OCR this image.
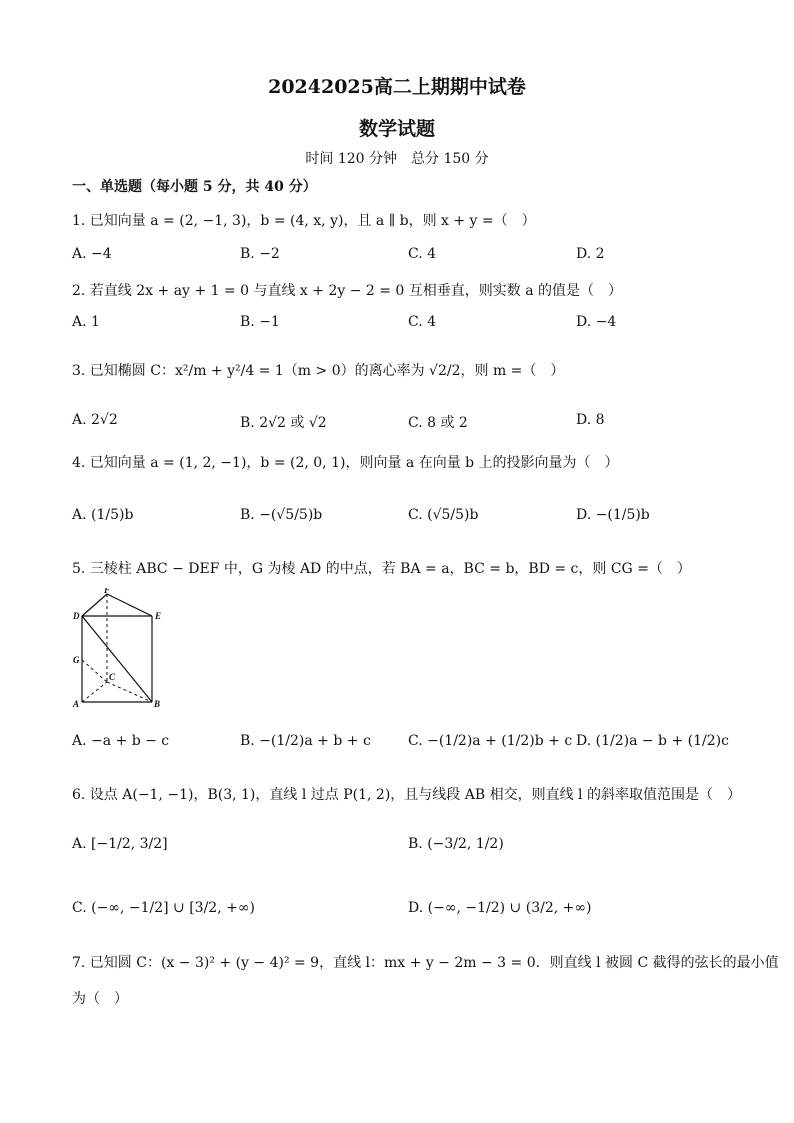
20242025高二上期期中试卷
数学试题
时间 120 分钟　总分 150 分
一、单选题（每小题 5 分，共 40 分）
1. 已知向量 a = (2, −1, 3)，b = (4, x, y)，且 a ∥ b，则 x + y =（　）
A. −4	B. −2	C. 4	D. 2
2. 若直线 2x + ay + 1 = 0 与直线 x + 2y − 2 = 0 互相垂直，则实数 a 的值是（　）
A. 1	B. −1	C. 4	D. −4
3. 已知椭圆 C：x²/m + y²/4 = 1（m > 0）的离心率为 √2/2，则 m =（　）
A. 2√2	B. 2√2 或 √2	C. 8 或 2	D. 8
4. 已知向量 a = (1, 2, −1)，b = (2, 0, 1)，则向量 a 在向量 b 上的投影向量为（　）
A. (1/5)b	B. −(√5/5)b	C. (√5/5)b	D. −(1/5)b
5. 三棱柱 ABC − DEF 中，G 为棱 AD 的中点，若 BA = a，BC = b，BD = c，则 CG =（　）
F
D	E
G
C
A	B
A. −a + b − c	B. −(1/2)a + b + c	C. −(1/2)a + (1/2)b + c D. (1/2)a − b + (1/2)c
6. 设点 A(−1, −1)，B(3, 1)，直线 l 过点 P(1, 2)，且与线段 AB 相交，则直线 l 的斜率取值范围是（　）
A. [−1/2, 3/2]	B. (−3/2, 1/2)
C. (−∞, −1/2] ∪ [3/2, +∞)	D. (−∞, −1/2) ∪ (3/2, +∞)
7. 已知圆 C：(x − 3)² + (y − 4)² = 9，直线 l：mx + y − 2m − 3 = 0．则直线 l 被圆 C 截得的弦长的最小值
为（　）
